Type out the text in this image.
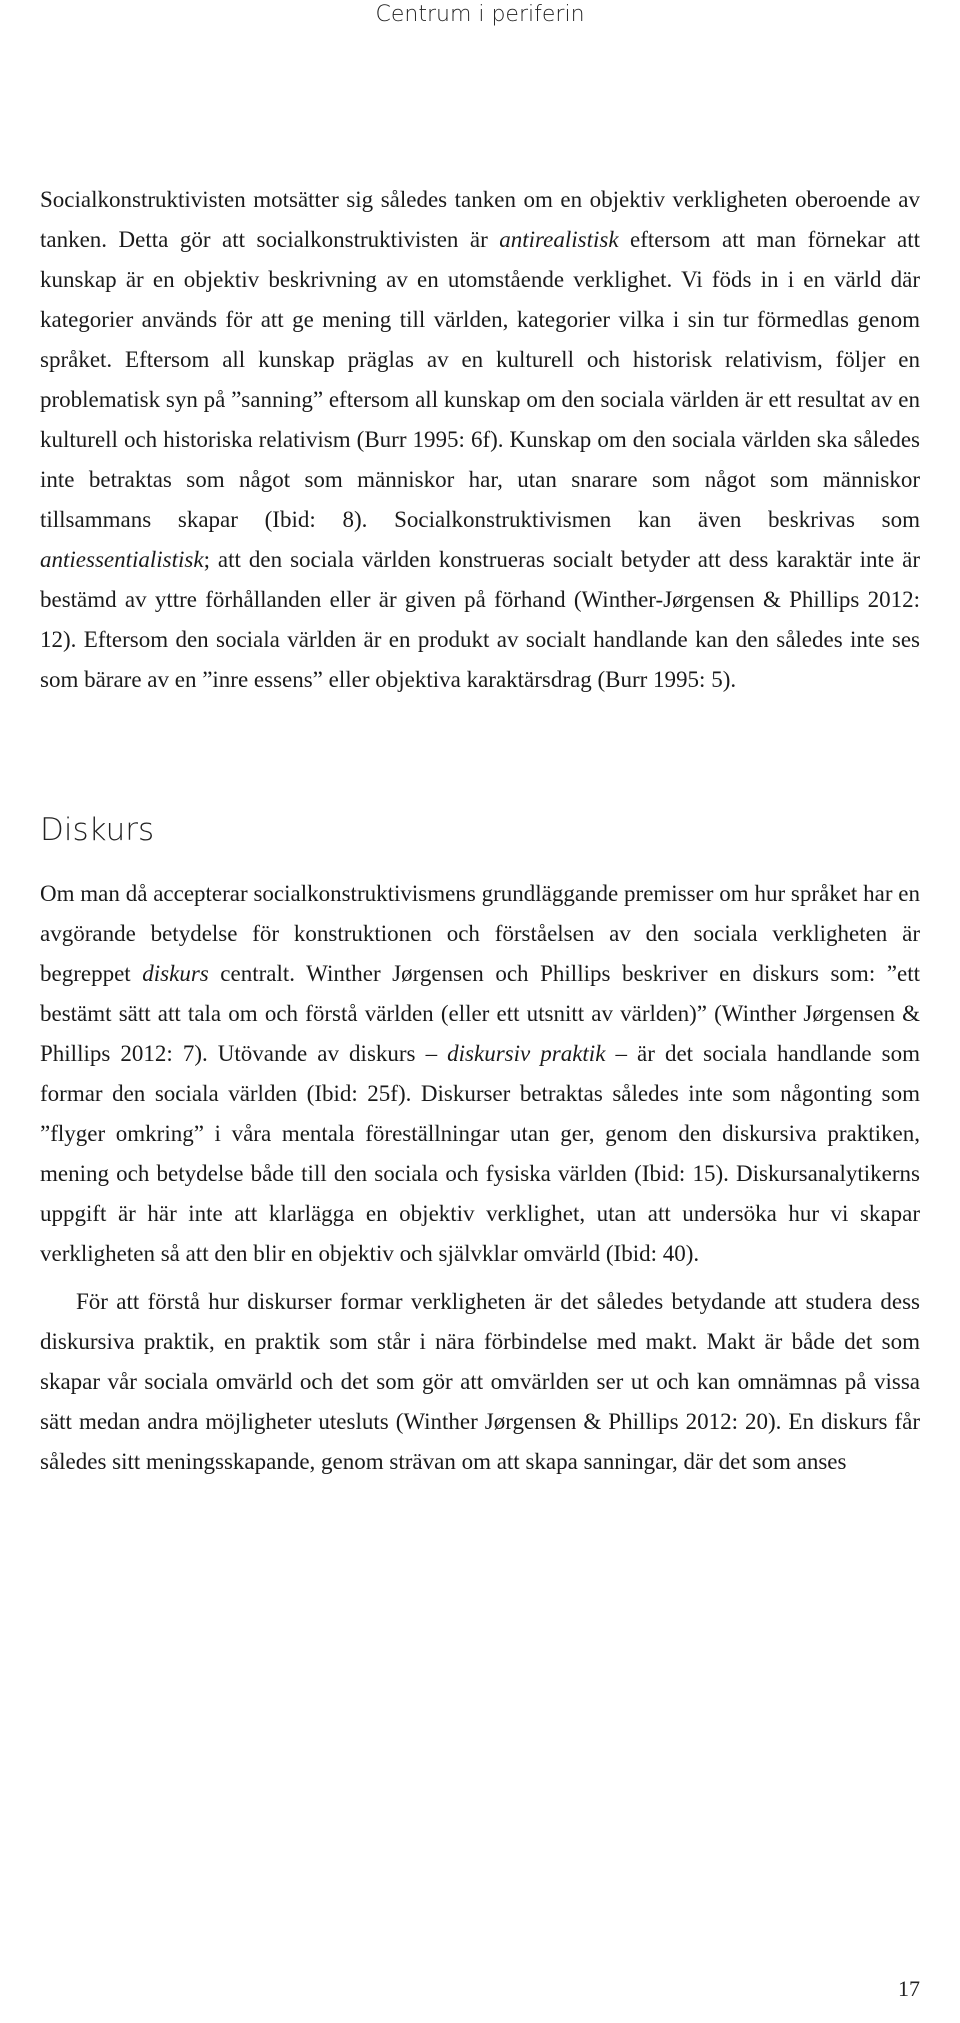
Centrum i periferin

Socialkonstruktivisten motsätter sig således tanken om en objektiv verkligheten oberoende av tanken. Detta gör att socialkonstruktivisten är antirealistisk eftersom att man förnekar att kunskap är en objektiv beskrivning av en utomstående verklighet. Vi föds in i en värld där kategorier används för att ge mening till världen, kategorier vilka i sin tur förmedlas genom språket. Eftersom all kunskap präglas av en kulturell och historisk relativism, följer en problematisk syn på ”sanning” eftersom all kunskap om den sociala världen är ett resultat av en kulturell och historiska relativism (Burr 1995: 6f). Kunskap om den sociala världen ska således inte betraktas som något som människor har, utan snarare som något som människor tillsammans skapar (Ibid: 8). Socialkonstruktivismen kan även beskrivas som antiessentialistisk; att den sociala världen konstrueras socialt betyder att dess karaktär inte är bestämd av yttre förhållanden eller är given på förhand (Winther-Jørgensen & Phillips 2012: 12). Eftersom den sociala världen är en produkt av socialt handlande kan den således inte ses som bärare av en ”inre essens” eller objektiva karaktärsdrag (Burr 1995: 5).

Diskurs

Om man då accepterar socialkonstruktivismens grundläggande premisser om hur språket har en avgörande betydelse för konstruktionen och förståelsen av den sociala verkligheten är begreppet diskurs centralt. Winther Jørgensen och Phillips beskriver en diskurs som: ”ett bestämt sätt att tala om och förstå världen (eller ett utsnitt av världen)” (Winther Jørgensen & Phillips 2012: 7). Utövande av diskurs – diskursiv praktik – är det sociala handlande som formar den sociala världen (Ibid: 25f). Diskurser betraktas således inte som någonting som ”flyger omkring” i våra mentala föreställningar utan ger, genom den diskursiva praktiken, mening och betydelse både till den sociala och fysiska världen (Ibid: 15). Diskursanalytikerns uppgift är här inte att klarlägga en objektiv verklighet, utan att undersöka hur vi skapar verkligheten så att den blir en objektiv och självklar omvärld (Ibid: 40).

För att förstå hur diskurser formar verkligheten är det således betydande att studera dess diskursiva praktik, en praktik som står i nära förbindelse med makt. Makt är både det som skapar vår sociala omvärld och det som gör att omvärlden ser ut och kan omnämnas på vissa sätt medan andra möjligheter utesluts (Winther Jørgensen & Phillips 2012: 20). En diskurs får således sitt meningsskapande, genom strävan om att skapa sanningar, där det som anses

17
